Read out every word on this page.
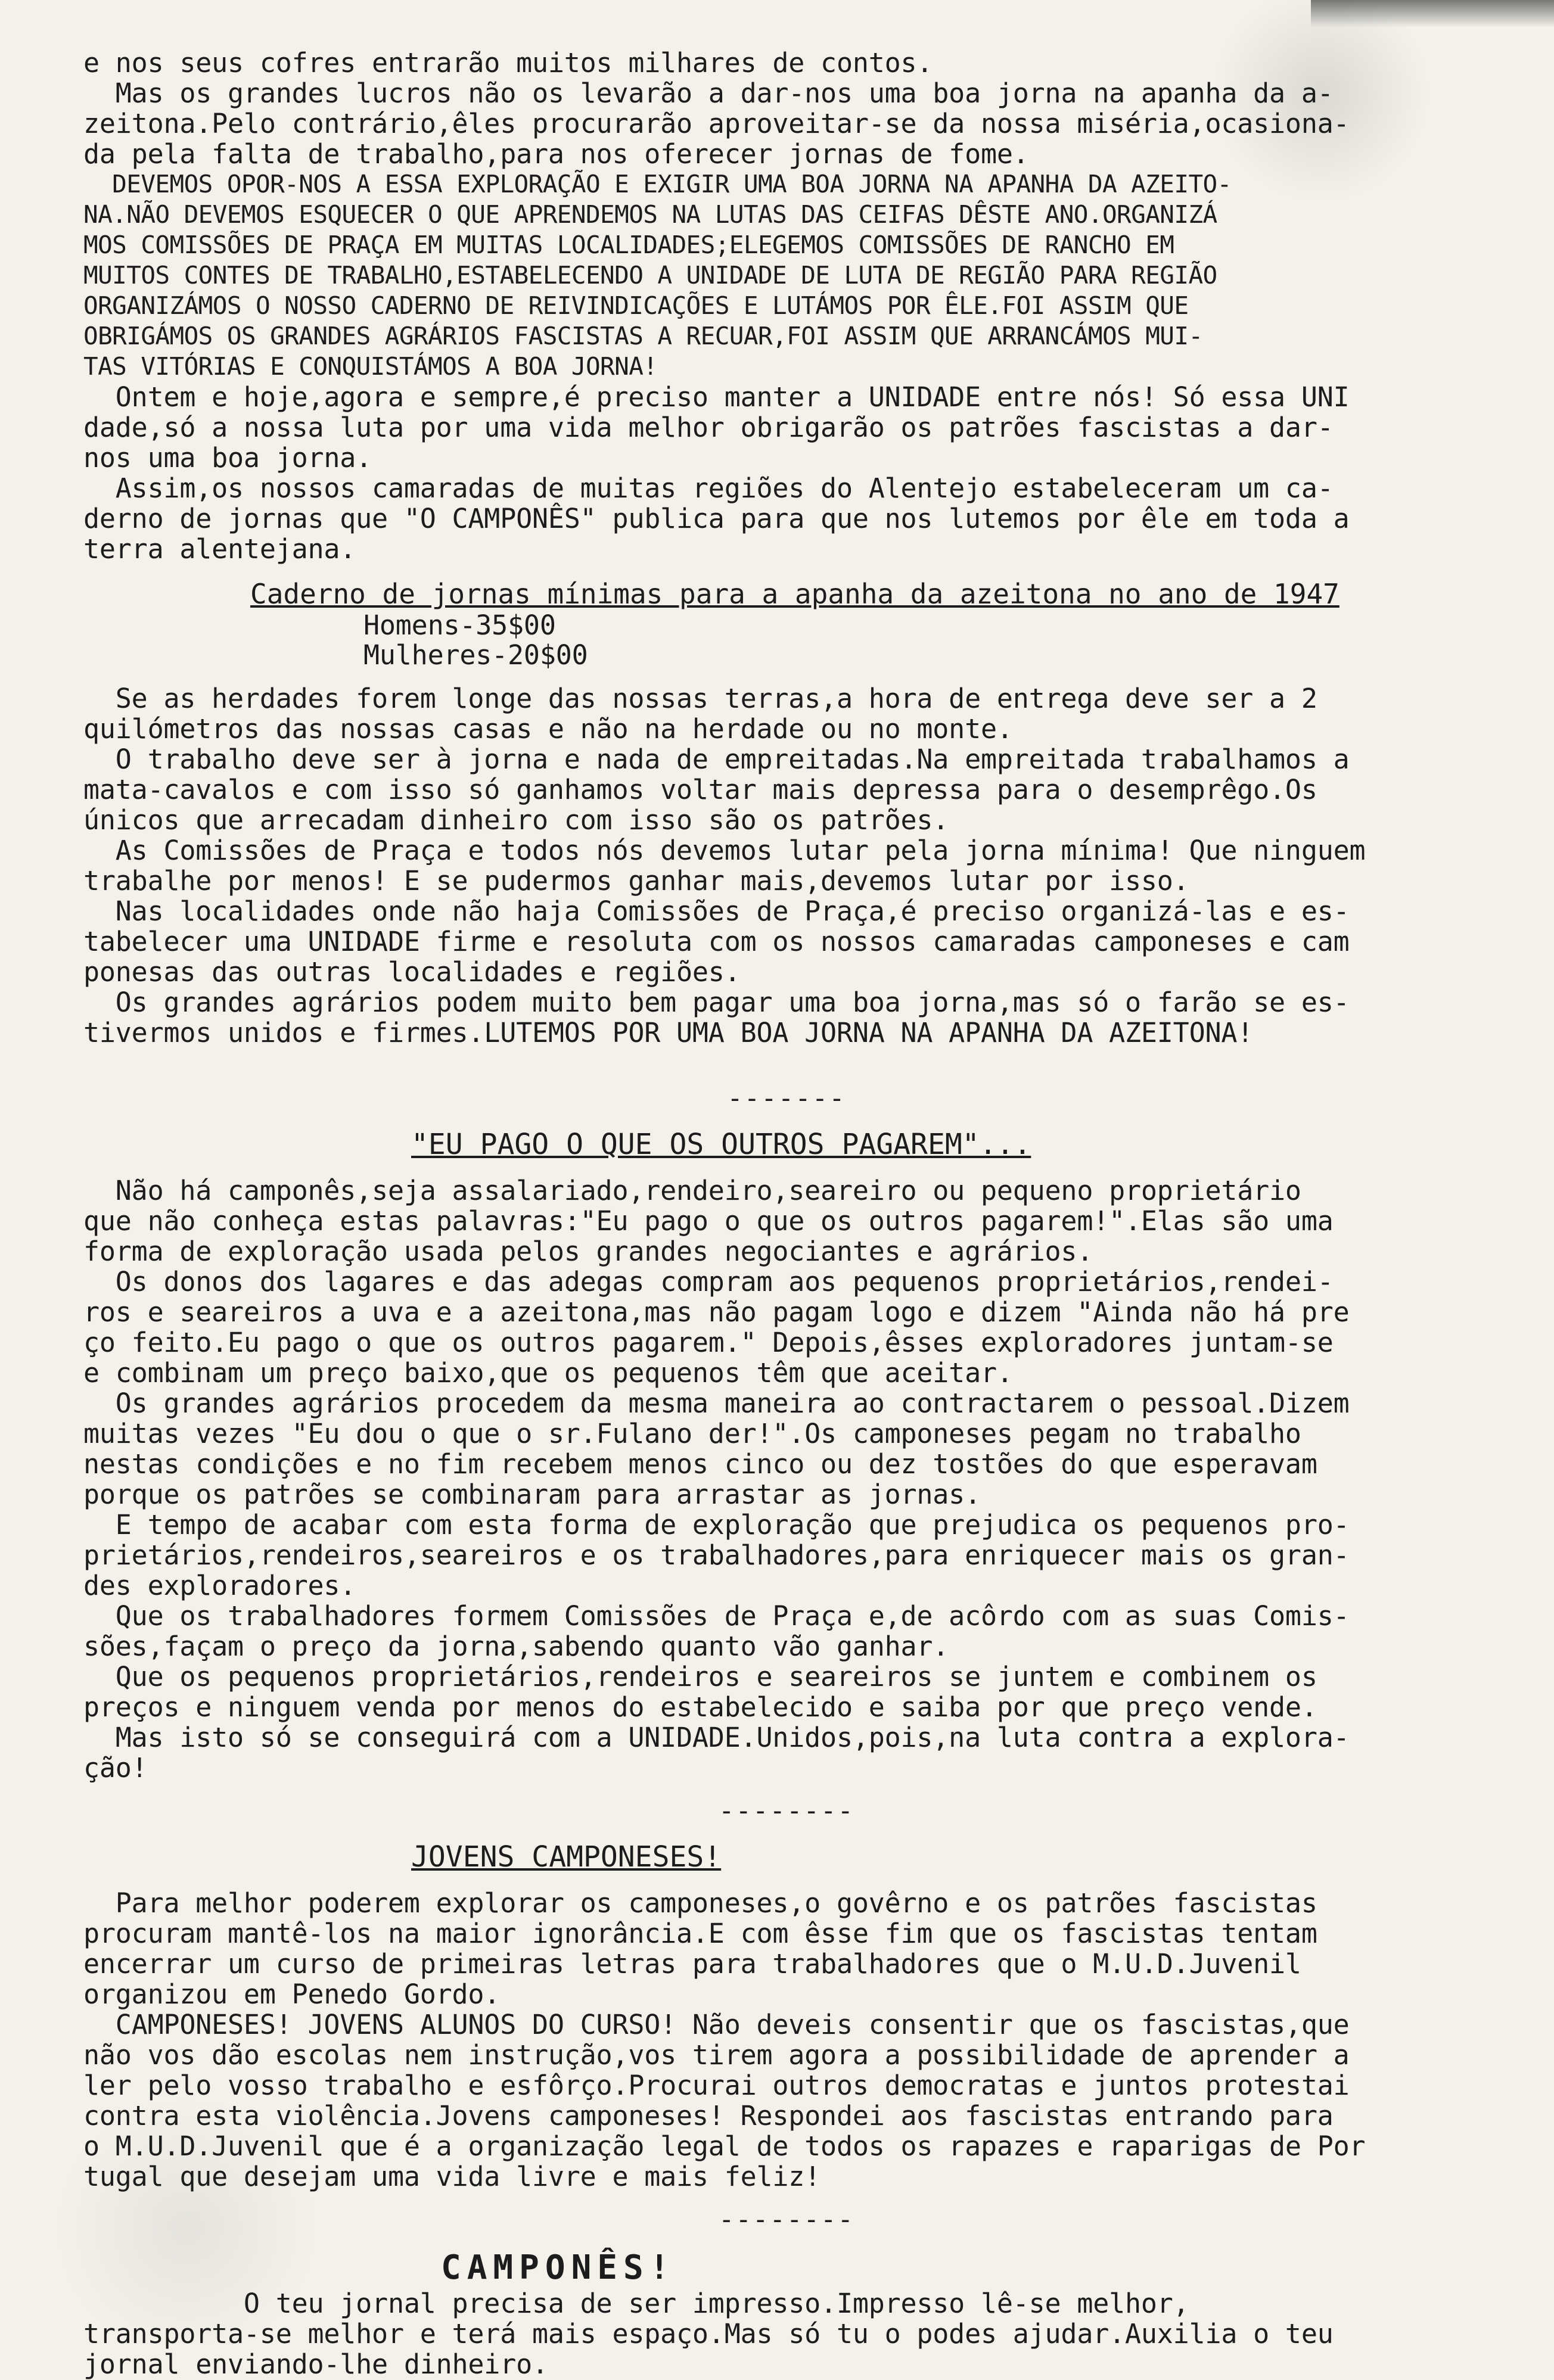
e nos seus cofres entrarão muitos milhares de contos.
Mas os grandes lucros não os levarão a dar-nos uma boa jorna na apanha da a-
zeitona.Pelo contrário,êles procurarão aproveitar-se da nossa miséria,ocasiona-
da pela falta de trabalho,para nos oferecer jornas de fome.
DEVEMOS OPOR-NOS A ESSA EXPLORAÇÃO E EXIGIR UMA BOA JORNA NA APANHA DA AZEITO-
NA.NÃO DEVEMOS ESQUECER O QUE APRENDEMOS NA LUTAS DAS CEIFAS DÊSTE ANO.ORGANIZÁ
MOS COMISSÕES DE PRAÇA EM MUITAS LOCALIDADES;ELEGEMOS COMISSÕES DE RANCHO EM
MUITOS CONTES DE TRABALHO,ESTABELECENDO A UNIDADE DE LUTA DE REGIÃO PARA REGIÃO
ORGANIZÁMOS O NOSSO CADERNO DE REIVINDICAÇÕES E LUTÁMOS POR ÊLE.FOI ASSIM QUE
OBRIGÁMOS OS GRANDES AGRÁRIOS FASCISTAS A RECUAR,FOI ASSIM QUE ARRANCÁMOS MUI-
TAS VITÓRIAS E CONQUISTÁMOS A BOA JORNA!
Ontem e hoje,agora e sempre,é preciso manter a UNIDADE entre nós! Só essa UNI
dade,só a nossa luta por uma vida melhor obrigarão os patrões fascistas a dar-
nos uma boa jorna.
Assim,os nossos camaradas de muitas regiões do Alentejo estabeleceram um ca-
derno de jornas que "O CAMPONÊS" publica para que nos lutemos por êle em toda a
terra alentejana.
Caderno de jornas mínimas para a apanha da azeitona no ano de 1947
Homens-35$00
Mulheres-20$00
Se as herdades forem longe das nossas terras,a hora de entrega deve ser a 2
quilómetros das nossas casas e não na herdade ou no monte.
O trabalho deve ser à jorna e nada de empreitadas.Na empreitada trabalhamos a
mata-cavalos e com isso só ganhamos voltar mais depressa para o desemprêgo.Os
únicos que arrecadam dinheiro com isso são os patrões.
As Comissões de Praça e todos nós devemos lutar pela jorna mínima! Que ninguem
trabalhe por menos! E se pudermos ganhar mais,devemos lutar por isso.
Nas localidades onde não haja Comissões de Praça,é preciso organizá-las e es-
tabelecer uma UNIDADE firme e resoluta com os nossos camaradas camponeses e cam
ponesas das outras localidades e regiões.
Os grandes agrários podem muito bem pagar uma boa jorna,mas só o farão se es-
tivermos unidos e firmes.LUTEMOS POR UMA BOA JORNA NA APANHA DA AZEITONA!
-------
"EU PAGO O QUE OS OUTROS PAGAREM"...
Não há camponês,seja assalariado,rendeiro,seareiro ou pequeno proprietário
que não conheça estas palavras:"Eu pago o que os outros pagarem!".Elas são uma
forma de exploração usada pelos grandes negociantes e agrários.
Os donos dos lagares e das adegas compram aos pequenos proprietários,rendei-
ros e seareiros a uva e a azeitona,mas não pagam logo e dizem "Ainda não há pre
ço feito.Eu pago o que os outros pagarem." Depois,êsses exploradores juntam-se
e combinam um preço baixo,que os pequenos têm que aceitar.
Os grandes agrários procedem da mesma maneira ao contractarem o pessoal.Dizem
muitas vezes "Eu dou o que o sr.Fulano der!".Os camponeses pegam no trabalho
nestas condições e no fim recebem menos cinco ou dez tostões do que esperavam
porque os patrões se combinaram para arrastar as jornas.
E tempo de acabar com esta forma de exploração que prejudica os pequenos pro-
prietários,rendeiros,seareiros e os trabalhadores,para enriquecer mais os gran-
des exploradores.
Que os trabalhadores formem Comissões de Praça e,de acôrdo com as suas Comis-
sões,façam o preço da jorna,sabendo quanto vão ganhar.
Que os pequenos proprietários,rendeiros e seareiros se juntem e combinem os
preços e ninguem venda por menos do estabelecido e saiba por que preço vende.
Mas isto só se conseguirá com a UNIDADE.Unidos,pois,na luta contra a explora-
ção!
--------
JOVENS CAMPONESES!
Para melhor poderem explorar os camponeses,o govêrno e os patrões fascistas
procuram mantê-los na maior ignorância.E com êsse fim que os fascistas tentam
encerrar um curso de primeiras letras para trabalhadores que o M.U.D.Juvenil
organizou em Penedo Gordo.
CAMPONESES! JOVENS ALUNOS DO CURSO! Não deveis consentir que os fascistas,que
não vos dão escolas nem instrução,vos tirem agora a possibilidade de aprender a
ler pelo vosso trabalho e esfôrço.Procurai outros democratas e juntos protestai
contra esta violência.Jovens camponeses! Respondei aos fascistas entrando para
o M.U.D.Juvenil que é a organização legal de todos os rapazes e raparigas de Por
tugal que desejam uma vida livre e mais feliz!
--------
CAMPONÊS!
O teu jornal precisa de ser impresso.Impresso lê-se melhor,
transporta-se melhor e terá mais espaço.Mas só tu o podes ajudar.Auxilia o teu
jornal enviando-lhe dinheiro.
